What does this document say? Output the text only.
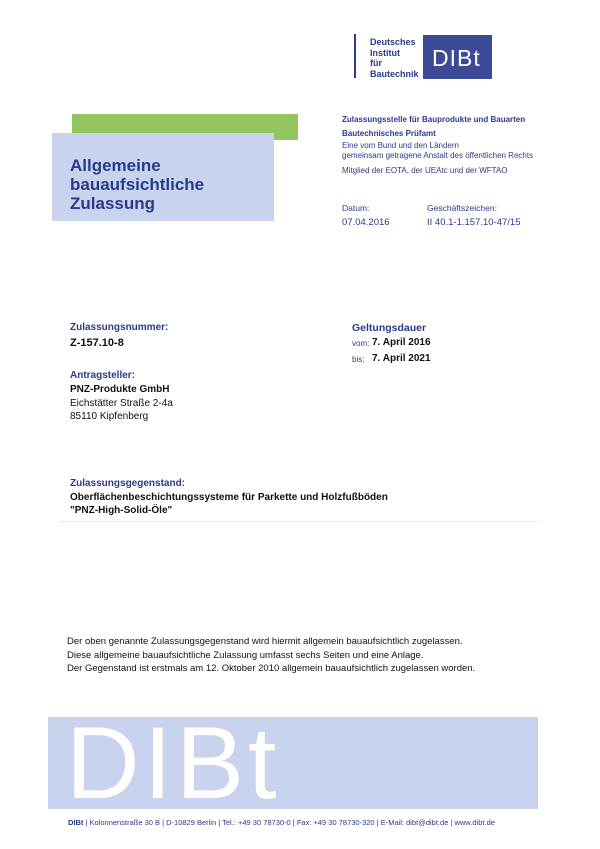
Deutsches
Institut
für
Bautechnik
DIBt
Zulassungsstelle für Bauprodukte und Bauarten
Bautechnisches Prüfamt
Eine vom Bund und den Ländern
gemeinsam getragene Anstalt des öffentlichen Rechts
Mitglied der EOTA, der UEAtc und der WFTAO
Allgemeine
bauaufsichtliche
Zulassung	Datum:
07.04.2016
Geschäftszeichen:
II 40.1-1.157.10-47/15
Zulassungsnummer:
Z-157.10-8
Geltungsdauer
vom: 7. April 2016
bis: 7. April 2021
Antragsteller:
PNZ-Produkte GmbH
Eichstätter Straße 2-4a
85110 Kipfenberg
Zulassungsgegenstand:
Oberflächenbeschichtungssysteme für Parkette und Holzfußböden
"PNZ-High-Solid-Öle"
Der oben genannte Zulassungsgegenstand wird hiermit allgemein bauaufsichtlich zugelassen.
Diese allgemeine bauaufsichtliche Zulassung umfasst sechs Seiten und eine Anlage.
Der Gegenstand ist erstmals am 12. Oktober 2010 allgemein bauaufsichtlich zugelassen worden.
DIBt
DIBt | Kolonnenstraße 30 B | D-10829 Berlin | Tel.: +49 30 78730-0 | Fax: +49 30 78730-320 | E-Mail: dibt@dibt.de | www.dibt.de
